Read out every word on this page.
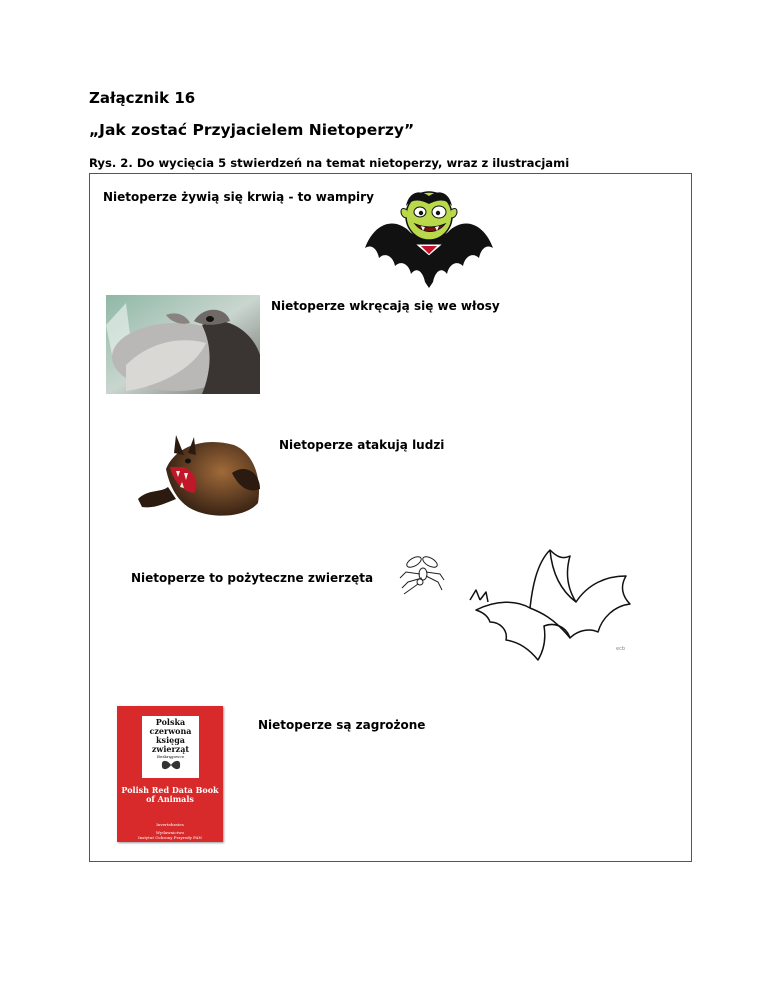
Załącznik 16
„Jak zostać Przyjacielem Nietoperzy”
Rys. 2. Do wycięcia 5 stwierdzeń na temat nietoperzy, wraz z ilustracjami
Nietoperze żywią się krwią - to wampiry
Nietoperze wkręcają się we włosy
Nietoperze atakują ludzi
Nietoperze to pożyteczne zwierzęta
ecb
Polska czerwona księga zwierząt
Bezkręgowce
Polish Red Data Book of Animals
Invertebrates
Wydawnictwo
Instytut Ochrony Przyrody PAN
Nietoperze są zagrożone
